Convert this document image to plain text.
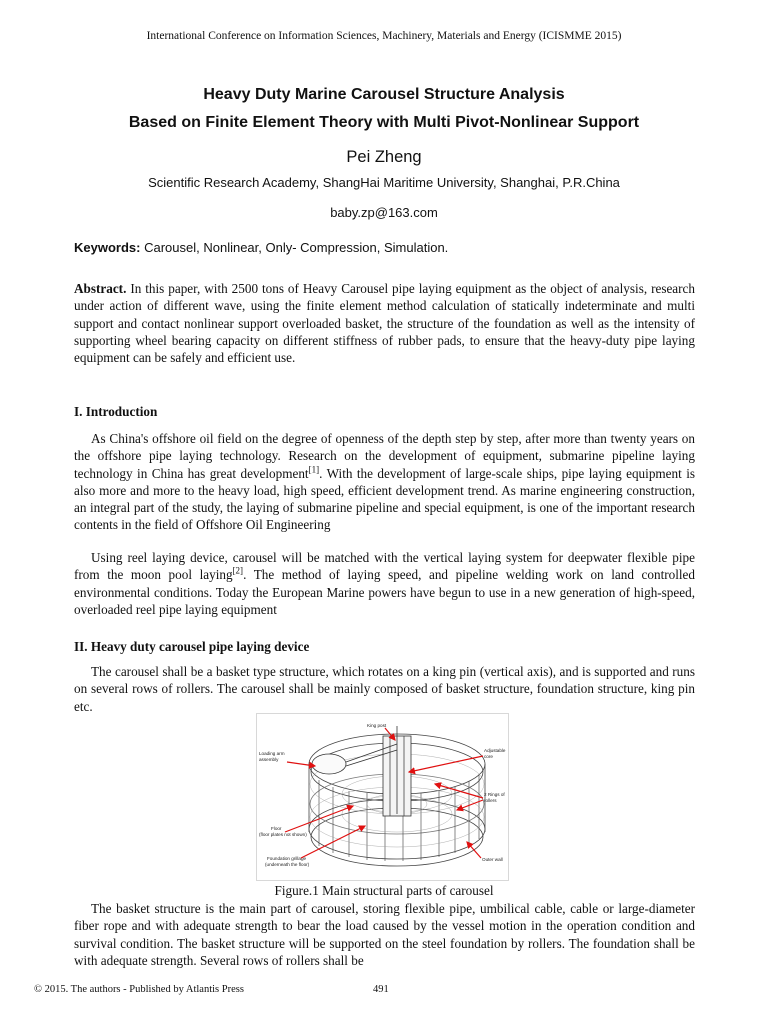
International Conference on Information Sciences, Machinery, Materials and Energy (ICISMME 2015)
Heavy Duty Marine Carousel Structure Analysis
Based on Finite Element Theory with Multi Pivot-Nonlinear Support
Pei Zheng
Scientific Research Academy, ShangHai Maritime University, Shanghai, P.R.China
baby.zp@163.com
Keywords: Carousel, Nonlinear, Only- Compression, Simulation.
Abstract. In this paper, with 2500 tons of Heavy Carousel pipe laying equipment as the object of analysis, research under action of different wave, using the finite element method calculation of statically indeterminate and multi support and contact nonlinear support overloaded basket, the structure of the foundation as well as the intensity of supporting wheel bearing capacity on different stiffness of rubber pads, to ensure that the heavy-duty pipe laying equipment can be safely and efficient use.
I. Introduction
As China's offshore oil field on the degree of openness of the depth step by step, after more than twenty years on the offshore pipe laying technology. Research on the development of equipment, submarine pipeline laying technology in China has great development[1]. With the development of large-scale ships, pipe laying equipment is also more and more to the heavy load, high speed, efficient development trend. As marine engineering construction, an integral part of the study, the laying of submarine pipeline and special equipment, is one of the important research contents in the field of Offshore Oil Engineering
Using reel laying device, carousel will be matched with the vertical laying system for deepwater flexible pipe from the moon pool laying[2]. The method of laying speed, and pipeline welding work on land controlled environmental conditions. Today the European Marine powers have begun to use in a new generation of high-speed, overloaded reel pipe laying equipment
II. Heavy duty carousel pipe laying device
The carousel shall be a basket type structure, which rotates on a king pin (vertical axis), and is supported and runs on several rows of rollers. The carousel shall be mainly composed of basket structure, foundation structure, king pin etc.
King post
Loading arm
assembly
Adjustable
core
2 Rings of
rollers
Floor
(floor plates not shown)
Foundation grillage
(underneath the floor)
Outer wall
Figure.1 Main structural parts of carousel
The basket structure is the main part of carousel, storing flexible pipe, umbilical cable, cable or large-diameter fiber rope and with adequate strength to bear the load caused by the vessel motion in the operation condition and survival condition. The basket structure will be supported on the steel foundation by rollers. The foundation shall be with adequate strength. Several rows of rollers shall be
© 2015. The authors - Published by Atlantis Press	491
